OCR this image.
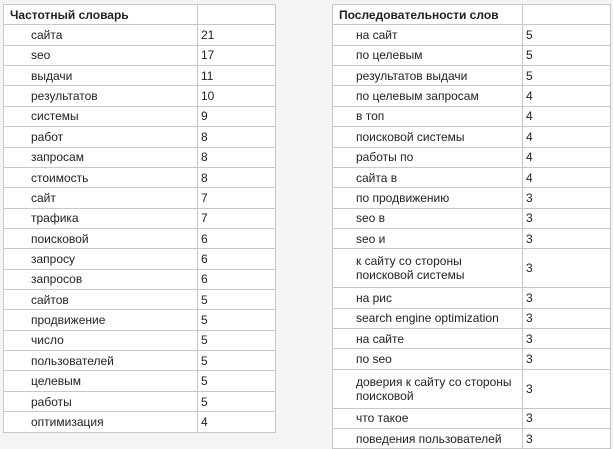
Частотный словарь	
сайта	21
seo	17
выдачи	11
результатов	10
системы	9
работ	8
запросам	8
стоимость	8
сайт	7
трафика	7
поисковой	6
запросу	6
запросов	6
сайтов	5
продвижение	5
число	5
пользователей	5
целевым	5
работы	5
оптимизация	4
Последовательности слов	
на сайт	5
по целевым	5
результатов выдачи	5
по целевым запросам	4
в топ	4
поисковой системы	4
работы по	4
сайта в	4
по продвижению	3
seo в	3
seo и	3
к сайту со стороны поисковой системы	3
на рис	3
search engine optimization	3
на сайте	3
по seo	3
доверия к сайту со стороны поисковой	3
что такое	3
поведения пользователей	3
